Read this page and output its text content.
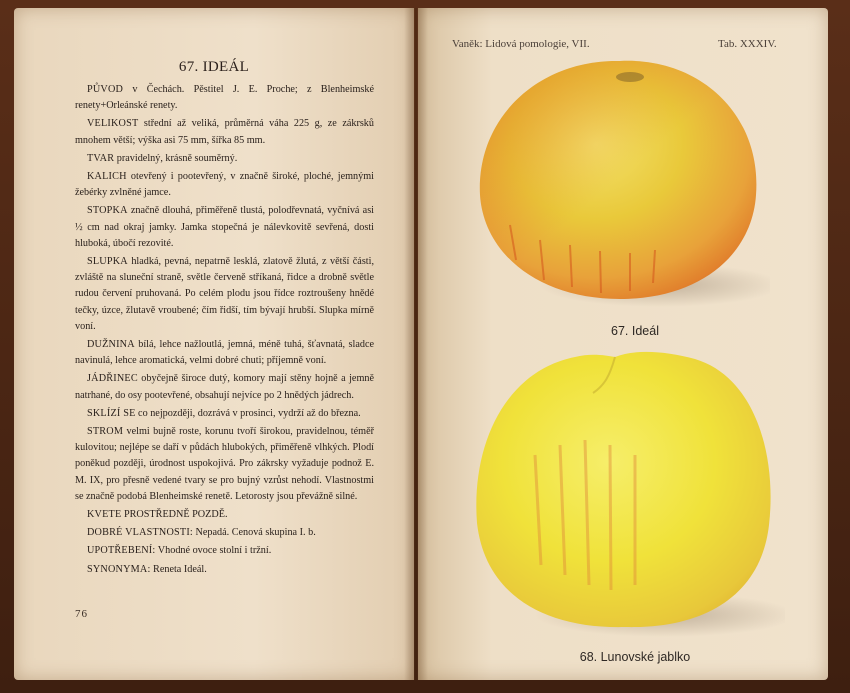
67. IDEÁL

PŮVOD v Čechách. Pěstitel J. E. Proche; z Blenheimské renety+Orleánské renety.

VELIKOST střední až veliká, průměrná váha 225 g, ze zákrsků mnohem větší; výška asi 75 mm, šířka 85 mm.

TVAR pravidelný, krásně souměrný.

KALICH otevřený i pootevřený, v značně široké, ploché, jemnými žebérky zvlněné jamce.

STOPKA značně dlouhá, přiměřeně tlustá, polodřevnatá, vyčnívá asi ½ cm nad okraj jamky. Jamka stopečná je nálevkovitě sevřená, dosti hluboká, úbočí rezovité.

SLUPKA hladká, pevná, nepatrně lesklá, zlatově žlutá, z větší části, zvláště na sluneční straně, světle červeně stříkaná, řidce a drobně světle rudou červení pruhovaná. Po celém plodu jsou řídce roztroušeny hnědé tečky, úzce, žlutavě vroubené; čím řidší, tím bývají hrubší. Slupka mírně voní.

DUŽNINA bílá, lehce nažloutlá, jemná, méně tuhá, šťavnatá, sladce navinulá, lehce aromatická, velmi dobré chuti; příjemně voní.

JÁDŘINEC obyčejně široce dutý, komory mají stěny hojně a jemně natrhané, do osy pootevřené, obsahují nejvíce po 2 hnědých jádrech.

SKLÍZÍ SE co nejpozději, dozrává v prosinci, vydrží až do března.

STROM velmi bujně roste, korunu tvoří širokou, pravidelnou, téměř kulovitou; nejlépe se daří v půdách hlubokých, přiměřeně vlhkých. Plodí poněkud později, úrodnost uspokojivá. Pro zákrsky vyžaduje podnož E. M. IX, pro přesně vedené tvary se pro bujný vzrůst nehodí. Vlastnostmi se značně podobá Blenheimské renetě. Letorosty jsou převážně silné.

KVETE PROSTŘEDNĚ POZDĚ.

DOBRÉ VLASTNOSTI: Nepadá. Cenová skupina I. b.

UPOTŘEBENÍ: Vhodné ovoce stolní i tržní.

SYNONYMA: Reneta Ideál.

76
Vaněk: Lidová pomologie, VII.	Tab. XXXIV.
67. Ideál
68. Lunovské jablko
